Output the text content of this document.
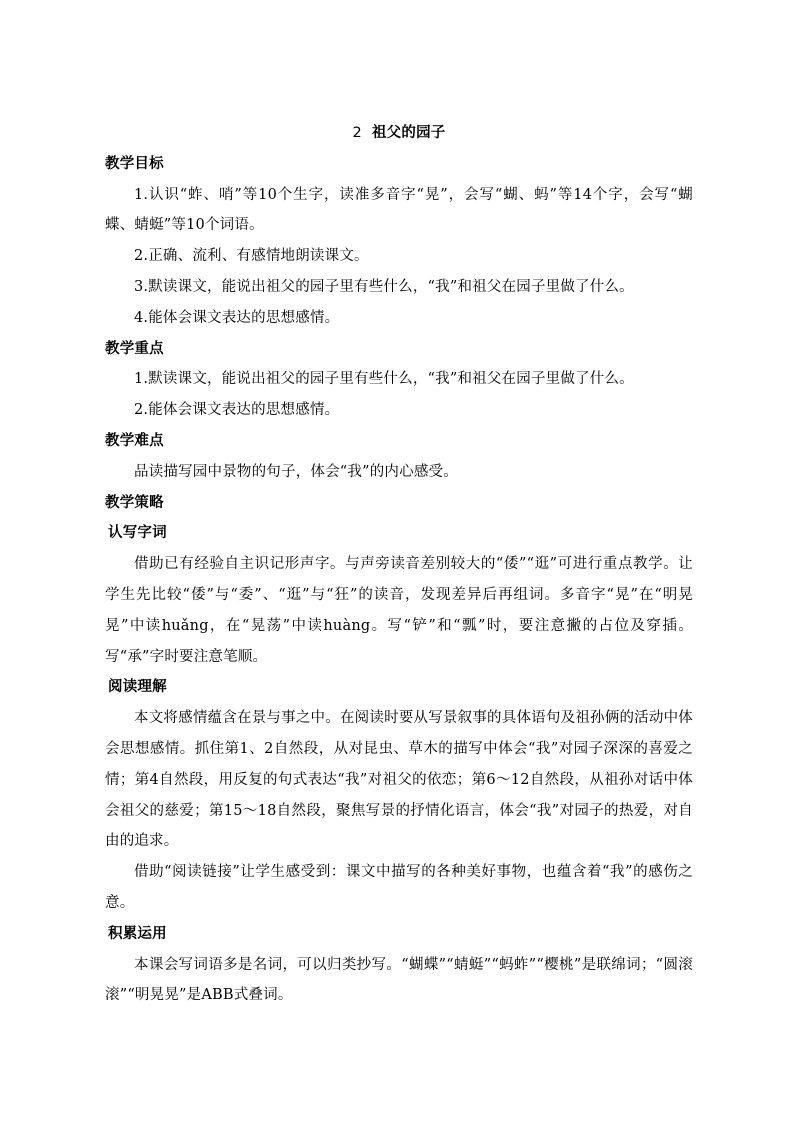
2 祖父的园子
教学目标

1.认识“蚱、哨”等10个生字，读准多音字“晃”，会写“蝴、蚂”等14个字，会写“蝴蝶、蜻蜓”等10个词语。

2.正确、流利、有感情地朗读课文。

3.默读课文，能说出祖父的园子里有些什么，“我”和祖父在园子里做了什么。

4.能体会课文表达的思想感情。

教学重点

1.默读课文，能说出祖父的园子里有些什么，“我”和祖父在园子里做了什么。

2.能体会课文表达的思想感情。

教学难点

品读描写园中景物的句子，体会“我”的内心感受。

教学策略
认写字词

借助已有经验自主识记形声字。与声旁读音差别较大的“倭”“逛”可进行重点教学。让学生先比较“倭”与“委”、“逛”与“狂”的读音，发现差异后再组词。多音字“晃”在“明晃晃”中读huǎng，在“晃荡”中读huàng。写“铲”和“瓢”时，要注意撇的占位及穿插。写“承”字时要注意笔顺。

阅读理解

本文将感情蕴含在景与事之中。在阅读时要从写景叙事的具体语句及祖孙俩的活动中体会思想感情。抓住第1、2自然段，从对昆虫、草木的描写中体会“我”对园子深深的喜爱之情；第4自然段，用反复的句式表达“我”对祖父的依恋；第6～12自然段，从祖孙对话中体会祖父的慈爱；第15～18自然段，聚焦写景的抒情化语言，体会“我”对园子的热爱，对自由的追求。

借助“阅读链接”让学生感受到：课文中描写的各种美好事物，也蕴含着“我”的感伤之意。

积累运用

本课会写词语多是名词，可以归类抄写。“蝴蝶”“蜻蜓”“蚂蚱”“樱桃”是联绵词；“圆滚滚”“明晃晃”是ABB式叠词。
